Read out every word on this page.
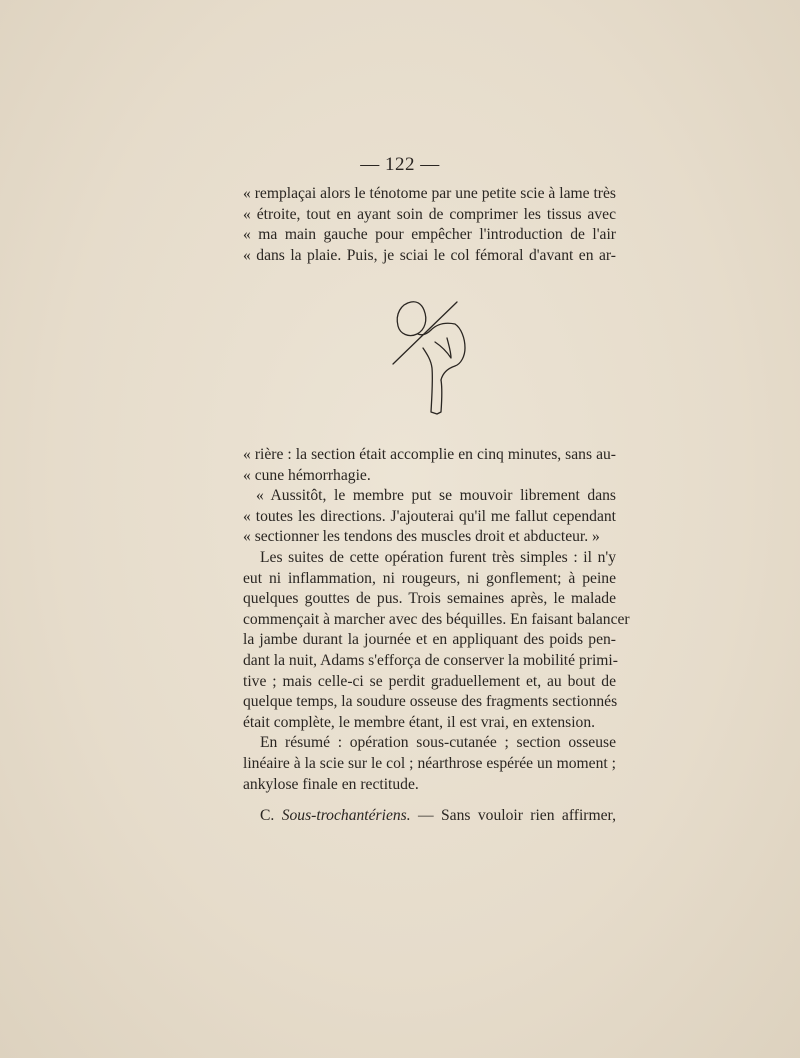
— 122 —
« remplaçai alors le ténotome par une petite scie à lame très
« étroite, tout en ayant soin de comprimer les tissus avec
« ma main gauche pour empêcher l'introduction de l'air
« dans la plaie. Puis, je sciai le col fémoral d'avant en ar-
« rière : la section était accomplie en cinq minutes, sans au-
« cune hémorrhagie.
« Aussitôt, le membre put se mouvoir librement dans
« toutes les directions. J'ajouterai qu'il me fallut cependant
« sectionner les tendons des muscles droit et abducteur. »
Les suites de cette opération furent très simples : il n'y
eut ni inflammation, ni rougeurs, ni gonflement; à peine
quelques gouttes de pus. Trois semaines après, le malade
commençait à marcher avec des béquilles. En faisant balancer
la jambe durant la journée et en appliquant des poids pen-
dant la nuit, Adams s'efforça de conserver la mobilité primi-
tive ; mais celle-ci se perdit graduellement et, au bout de
quelque temps, la soudure osseuse des fragments sectionnés
était complète, le membre étant, il est vrai, en extension.
En résumé : opération sous-cutanée ; section osseuse
linéaire à la scie sur le col ; néarthrose espérée un moment ;
ankylose finale en rectitude.
C. Sous-trochantériens. — Sans vouloir rien affirmer,
